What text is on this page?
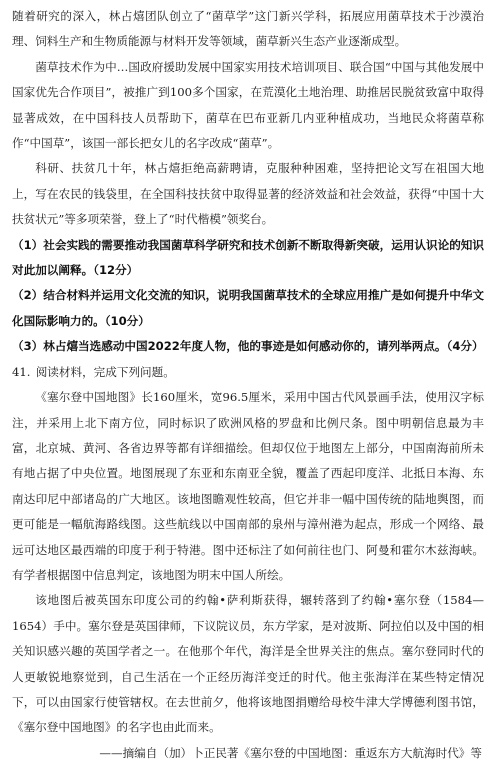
随着研究的深入，林占熺团队创立了“菌草学”这门新兴学科，拓展应用菌草技术于沙漠治理、饲料生产和生物质能源与材料开发等领域，菌草新兴生态产业逐渐成型。

菌草技术作为中…国政府援助发展中国家实用技术培训项目、联合国“中国与其他发展中国家优先合作项目”，被推广到100多个国家，在荒漠化土地治理、助推居民脱贫致富中取得显著成效，在中国科技人员帮助下，菌草在巴布亚新几内亚种植成功，当地民众将菌草称作“中国草”，该国一部长把女儿的名字改成“菌草”。

科研、扶贫几十年，林占熺拒绝高薪聘请，克服种种困难，坚持把论文写在祖国大地上，写在农民的钱袋里，在全国科技扶贫中取得显著的经济效益和社会效益，获得“中国十大扶贫状元”等多项荣誉，登上了“时代楷模”领奖台。

（1）社会实践的需要推动我国菌草科学研究和技术创新不断取得新突破，运用认识论的知识对此加以阐释。（12分）

（2）结合材料并运用文化交流的知识，说明我国菌草技术的全球应用推广是如何提升中华文化国际影响力的。（10分）

（3）林占熺当选感动中国2022年度人物，他的事迹是如何感动你的，请列举两点。（4分）

41. 阅读材料，完成下列问题。

《塞尔登中国地图》长160厘米，宽96.5厘米，采用中国古代风景画手法，使用汉字标注，并采用上北下南方位，同时标识了欧洲风格的罗盘和比例尺条。图中明朝信息最为丰富，北京城、黄河、各省边界等都有详细描绘。但却仅位于地图左上部分，中国南海前所未有地占据了中央位置。地图展现了东亚和东南亚全貌，覆盖了西起印度洋、北抵日本海、东南达印尼中部诸岛的广大地区。该地图瞻观性较高，但它并非一幅中国传统的陆地舆图，而更可能是一幅航海路线图。这些航线以中国南部的泉州与漳州港为起点，形成一个网络、最远可达地区最西端的印度于利于特港。图中还标注了如何前往也门、阿曼和霍尔木兹海峡。有学者根据图中信息判定，该地图为明末中国人所绘。

该地图后被英国东印度公司的约翰•萨利斯获得，辗转落到了约翰•塞尔登（1584—1654）手中。塞尔登是英国律师，下议院议员，东方学家，是对波斯、阿拉伯以及中国的相关知识感兴趣的英国学者之一。在他那个年代，海洋是全世界关注的焦点。塞尔登同时代的人更敏锐地察觉到，自己生活在一个正经历海洋变迁的时代。他主张海洋在某些特定情况下，可以由国家行使管辖权。在去世前夕，他将该地图捐赠给母校牛津大学博德利图书馆，《塞尔登中国地图》的名字也由此而来。

——摘编自（加）卜正民著《塞尔登的中国地图：重返东方大航海时代》等
